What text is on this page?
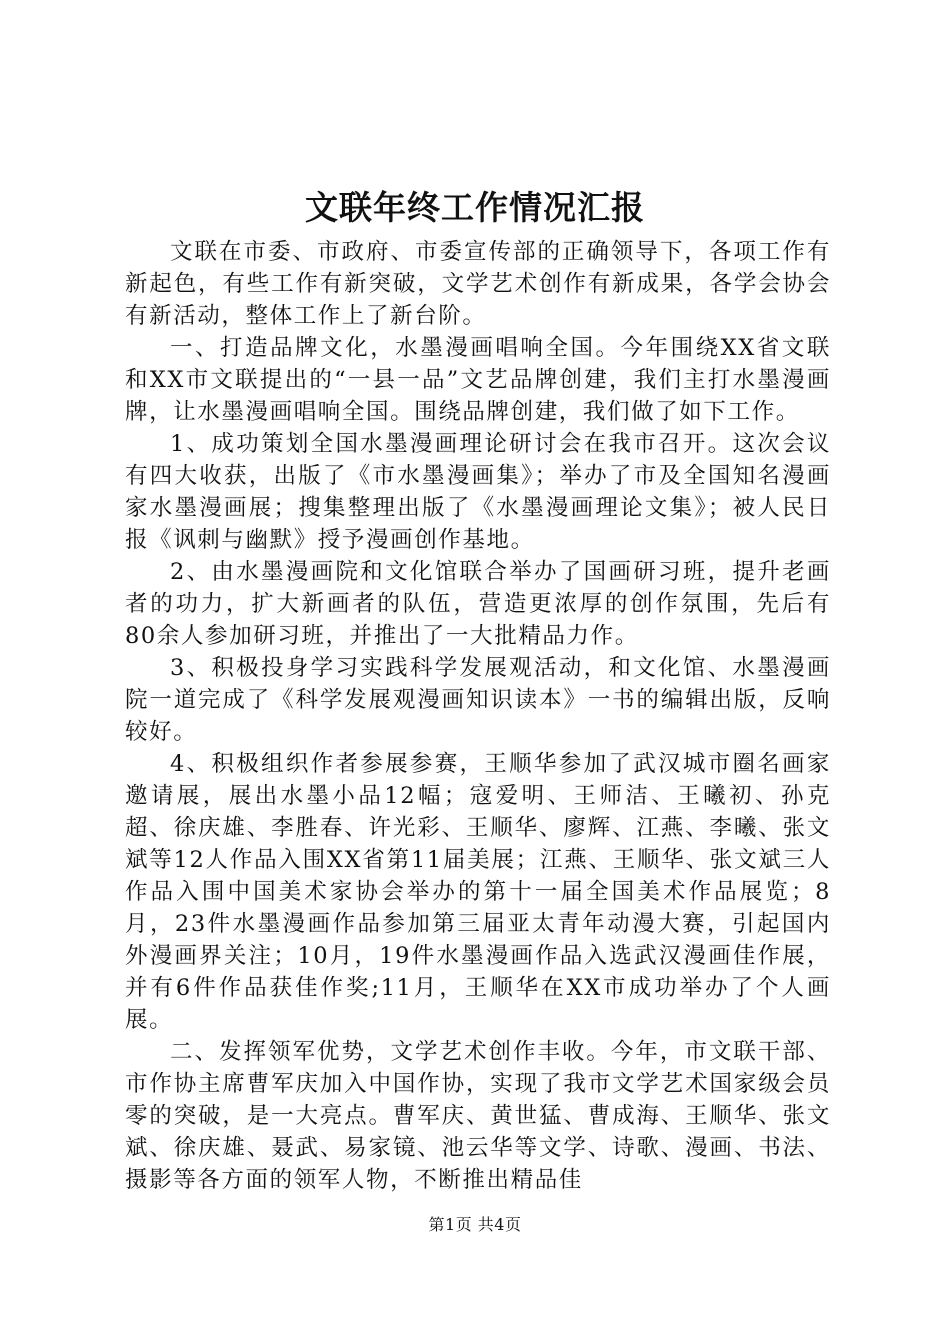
文联年终工作情况汇报

文联在市委、市政府、市委宣传部的正确领导下，各项工作有新起色，有些工作有新突破，文学艺术创作有新成果，各学会协会有新活动，整体工作上了新台阶。

一、打造品牌文化，水墨漫画唱响全国。今年围绕XX省文联和XX市文联提出的“一县一品”文艺品牌创建，我们主打水墨漫画牌，让水墨漫画唱响全国。围绕品牌创建，我们做了如下工作。

1、成功策划全国水墨漫画理论研讨会在我市召开。这次会议有四大收获，出版了《市水墨漫画集》；举办了市及全国知名漫画家水墨漫画展；搜集整理出版了《水墨漫画理论文集》；被人民日报《讽刺与幽默》授予漫画创作基地。

2、由水墨漫画院和文化馆联合举办了国画研习班，提升老画者的功力，扩大新画者的队伍，营造更浓厚的创作氛围，先后有80余人参加研习班，并推出了一大批精品力作。

3、积极投身学习实践科学发展观活动，和文化馆、水墨漫画院一道完成了《科学发展观漫画知识读本》一书的编辑出版，反响较好。

4、积极组织作者参展参赛，王顺华参加了武汉城市圈名画家邀请展，展出水墨小品12幅；寇爱明、王师洁、王曦初、孙克超、徐庆雄、李胜春、许光彩、王顺华、廖辉、江燕、李曦、张文斌等12人作品入围XX省第11届美展；江燕、王顺华、张文斌三人作品入围中国美术家协会举办的第十一届全国美术作品展览；8月，23件水墨漫画作品参加第三届亚太青年动漫大赛，引起国内外漫画界关注；10月，19件水墨漫画作品入选武汉漫画佳作展，并有6件作品获佳作奖;11月，王顺华在XX市成功举办了个人画展。

二、发挥领军优势，文学艺术创作丰收。今年，市文联干部、市作协主席曹军庆加入中国作协，实现了我市文学艺术国家级会员零的突破，是一大亮点。曹军庆、黄世猛、曹成海、王顺华、张文斌、徐庆雄、聂武、易家镜、池云华等文学、诗歌、漫画、书法、摄影等各方面的领军人物，不断推出精品佳

第1页 共4页
